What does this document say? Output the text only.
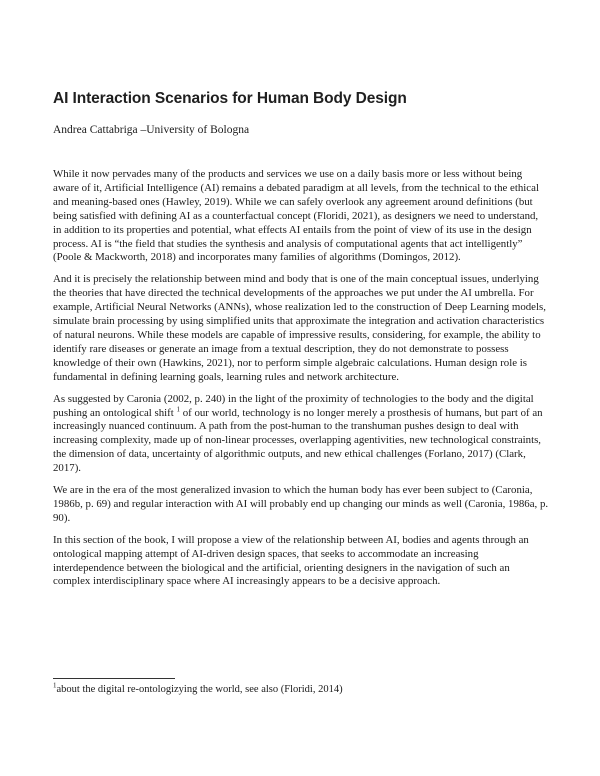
AI Interaction Scenarios for Human Body Design
Andrea Cattabriga –University of Bologna

While it now pervades many of the products and services we use on a daily basis more or less without being aware of it, Artificial Intelligence (AI) remains a debated paradigm at all levels, from the technical to the ethical and meaning-based ones (Hawley, 2019). While we can safely overlook any agreement around definitions (but being satisfied with defining AI as a counterfactual concept (Floridi, 2021), as designers we need to understand, in addition to its properties and potential, what effects AI entails from the point of view of its use in the design process. AI is “the field that studies the synthesis and analysis of computational agents that act intelligently” (Poole & Mackworth, 2018) and incorporates many families of algorithms (Domingos, 2012).

And it is precisely the relationship between mind and body that is one of the main conceptual issues, underlying the theories that have directed the technical developments of the approaches we put under the AI umbrella. For example, Artificial Neural Networks (ANNs), whose realization led to the construction of Deep Learning models, simulate brain processing by using simplified units that approximate the integration and activation characteristics of natural neurons. While these models are capable of impressive results, considering, for example, the ability to identify rare diseases or generate an image from a textual description, they do not demonstrate to possess knowledge of their own (Hawkins, 2021), nor to perform simple algebraic calculations. Human design role is fundamental in defining learning goals, learning rules and network architecture.

As suggested by Caronia (2002, p. 240) in the light of the proximity of technologies to the body and the digital pushing an ontological shift $^1$ of our world, technology is no longer merely a prosthesis of humans, but part of an increasingly nuanced continuum. A path from the post-human to the transhuman pushes design to deal with increasing complexity, made up of non-linear processes, overlapping agentivities, new technological constraints, the dimension of data, uncertainty of algorithmic outputs, and new ethical challenges (Forlano, 2017) (Clark, 2017).

We are in the era of the most generalized invasion to which the human body has ever been subject to (Caronia, 1986b, p. 69) and regular interaction with AI will probably end up changing our minds as well (Caronia, 1986a, p. 90).

In this section of the book, I will propose a view of the relationship between AI, bodies and agents through an ontological mapping attempt of AI-driven design spaces, that seeks to accommodate an increasing interdependence between the biological and the artificial, orienting designers in the navigation of such an complex interdisciplinary space where AI increasingly appears to be a decisive approach.

$^1$about the digital re-ontologizying the world, see also (Floridi, 2014)
